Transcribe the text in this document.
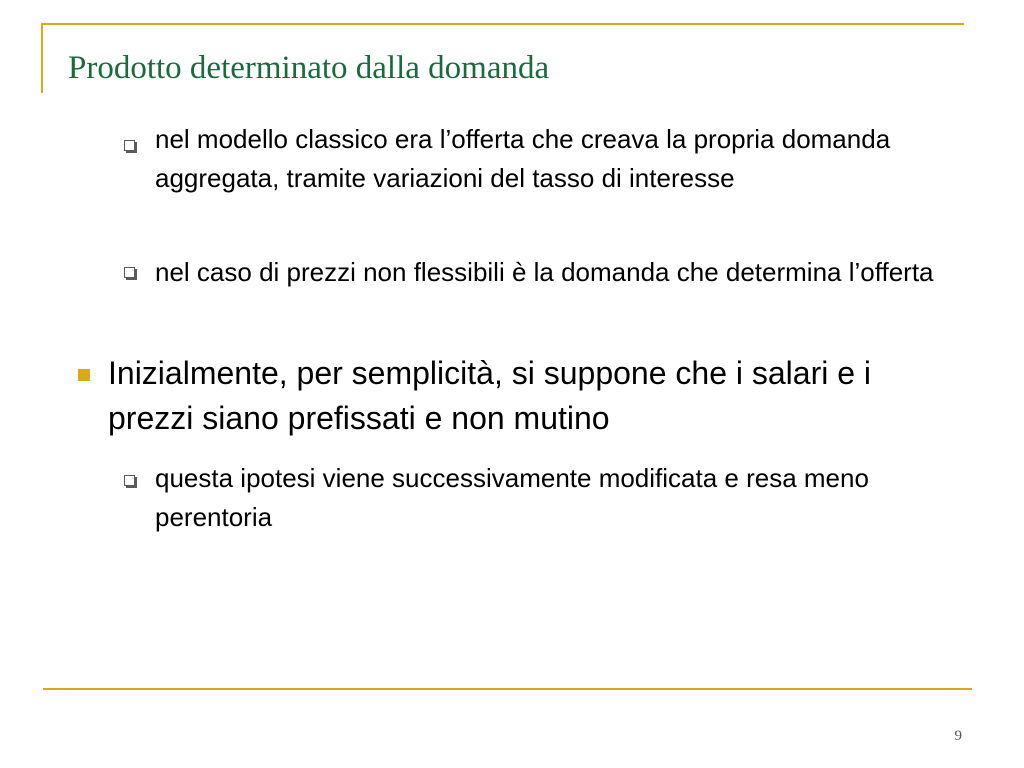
Prodotto determinato dalla domanda
nel modello classico era l’offerta che creava la propria domanda aggregata, tramite variazioni del tasso di interesse
nel caso di prezzi non flessibili è la domanda che determina l’offerta
Inizialmente, per semplicità, si suppone che i salari e i prezzi siano prefissati e non mutino
questa ipotesi viene successivamente modificata e resa meno perentoria
9
